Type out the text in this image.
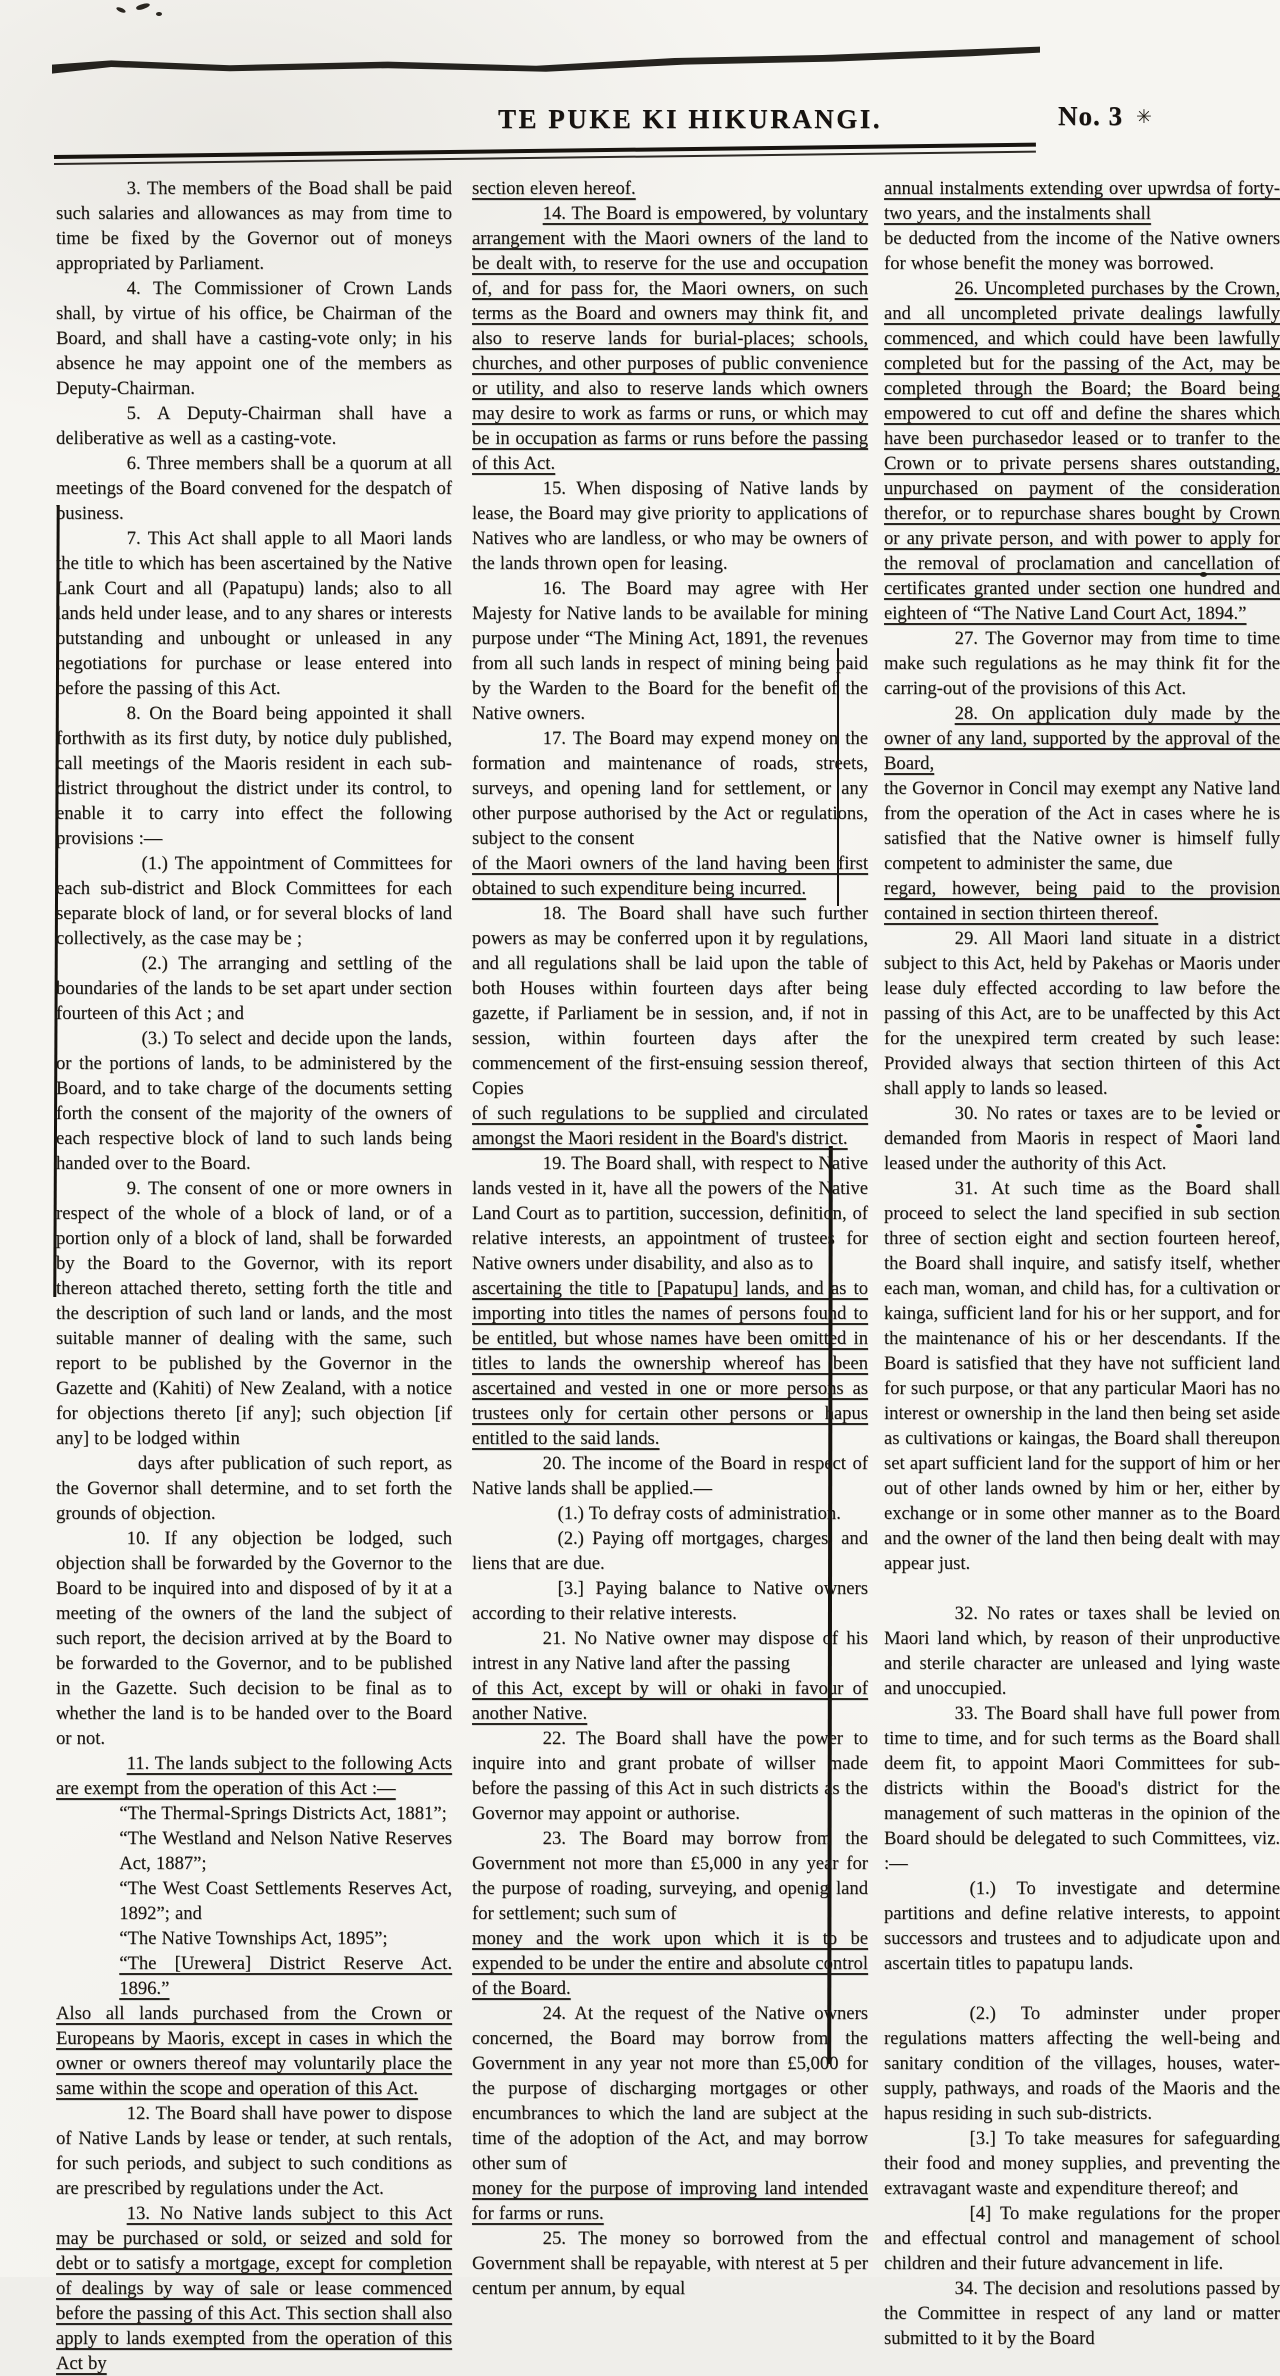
TE PUKE KI HIKURANGI.	No. 3 ✳

3. The members of the Boad shall be paid such salaries and allowances as may from time to time be fixed by the Governor out of moneys appropriated by Parliament.

4. The Commissioner of Crown Lands shall, by virtue of his office, be Chairman of the Board, and shall have a casting-vote only; in his absence he may appoint one of the members as Deputy-Chairman.

5. A Deputy-Chairman shall have a deliberative as well as a casting-vote.

6. Three members shall be a quorum at all meetings of the Board convened for the despatch of business.

7. This Act shall apple to all Maori lands the title to which has been ascertained by the Native Lank Court and all (Papatupu) lands; also to all lands held under lease, and to any shares or interests outstanding and unbought or unleased in any negotiations for purchase or lease entered into before the passing of this Act.

8. On the Board being appointed it shall forthwith as its first duty, by notice duly published, call meetings of the Maoris resident in each sub-district throughout the district under its control, to enable it to carry into effect the following provisions :—

(1.) The appointment of Committees for each sub-district and Block Committees for each separate block of land, or for several blocks of land collectively, as the case may be ;

(2.) The arranging and settling of the boundaries of the lands to be set apart under section fourteen of this Act ; and

(3.) To select and decide upon the lands, or the portions of lands, to be administered by the Board, and to take charge of the documents setting forth the consent of the majority of the owners of each respective block of land to such lands being handed over to the Board.

9. The consent of one or more owners in respect of the whole of a block of land, or of a portion only of a block of land, shall be forwarded by the Board to the Governor, with its report thereon attached thereto, setting forth the title and the description of such land or lands, and the most suitable manner of dealing with the same, such report to be published by the Governor in the Gazette and (Kahiti) of New Zealand, with a notice for objections thereto [if any]; such objection [if any] to be lodged within

days after publication of such report, as the Governor shall determine, and to set forth the grounds of objection.

10. If any objection be lodged, such objection shall be forwarded by the Governor to the Board to be inquired into and disposed of by it at a meeting of the owners of the land the subject of such report, the decision arrived at by the Board to be forwarded to the Governor, and to be published in the Gazette. Such decision to be final as to whether the land is to be handed over to the Board or not.

11. The lands subject to the following Acts are exempt from the operation of this Act :—

“The Thermal-Springs Districts Act, 1881”;

“The Westland and Nelson Native Reserves Act, 1887”;

“The West Coast Settlements Reserves Act, 1892”; and

“The Native Townships Act, 1895”;

“The [Urewera] District Reserve Act. 1896.”

Also all lands purchased from the Crown or Europeans by Maoris, except in cases in which the owner or owners thereof may voluntarily place the same within the scope and operation of this Act.

12. The Board shall have power to dispose of Native Lands by lease or tender, at such rentals, for such periods, and subject to such conditions as are prescribed by regulations under the Act.

13. No Native lands subject to this Act may be purchased or sold, or seized and sold for debt or to satisfy a mortgage, except for completion of dealings by way of sale or lease commenced before the passing of this Act. This section shall also apply to lands exempted from the operation of this Act by

section eleven hereof.

14. The Board is empowered, by voluntary arrangement with the Maori owners of the land to be dealt with, to reserve for the use and occupation of, and for pass for, the Maori owners, on such terms as the Board and owners may think fit, and also to reserve lands for burial-places; schools, churches, and other purposes of public convenience or utility, and also to reserve lands which owners may desire to work as farms or runs, or which may be in occupation as farms or runs before the passing of this Act.

15. When disposing of Native lands by lease, the Board may give priority to applications of Natives who are landless, or who may be owners of the lands thrown open for leasing.

16. The Board may agree with Her Majesty for Native lands to be available for mining purpose under “The Mining Act, 1891, the revenues from all such lands in respect of mining being paid by the Warden to the Board for the benefit of the Native owners.

17. The Board may expend money on the formation and maintenance of roads, streets, surveys, and opening land for settlement, or any other purpose authorised by the Act or regulations, subject to the consent

of the Maori owners of the land having been first obtained to such expenditure being incurred.

18. The Board shall have such further powers as may be conferred upon it by regulations, and all regulations shall be laid upon the table of both Houses within fourteen days after being gazette, if Parliament be in session, and, if not in session, within fourteen days after the commencement of the first-ensuing session thereof, Copies

of such regulations to be supplied and circulated amongst the Maori resident in the Board's district.

19. The Board shall, with respect to Native lands vested in it, have all the powers of the Native Land Court as to partition, succession, definition, of relative interests, an appointment of trustees for Native owners under disability, and also as to

ascertaining the title to [Papatupu] lands, and as to importing into titles the names of persons found to be entitled, but whose names have been omitted in titles to lands the ownership whereof has been ascertained and vested in one or more persons as trustees only for certain other persons or hapus entitled to the said lands.

20. The income of the Board in respect of Native lands shall be applied.—

(1.) To defray costs of administration.

(2.) Paying off mortgages, charges, and liens that are due.

[3.] Paying balance to Native owners according to their relative interests.

21. No Native owner may dispose of his intrest in any Native land after the passing

of this Act, except by will or ohaki in favour of another Native.

22. The Board shall have the power to inquire into and grant probate of willser made before the passing of this Act in such districts as the Governor may appoint or authorise.

23. The Board may borrow from the Government not more than £5,000 in any year for the purpose of roading, surveying, and openig land for settlement; such sum of

money and the work upon which it is to be expended to be under the entire and absolute control of the Board.

24. At the request of the Native owners concerned, the Board may borrow from the Government in any year not more than £5,000 for the purpose of discharging mortgages or other encumbrances to which the land are subject at the time of the adoption of the Act, and may borrow other sum of

money for the purpose of improving land intended for farms or runs.

25. The money so borrowed from the Government shall be repayable, with nterest at 5 per centum per annum, by equal

annual instalments extending over upwrdsa of forty-two years, and the instalments shall

be deducted from the income of the Native owners for whose benefit the money was borrowed.

26. Uncompleted purchases by the Crown, and all uncompleted private dealings lawfully commenced, and which could have been lawfully completed but for the passing of the Act, may be completed through the Board; the Board being empowered to cut off and define the shares which have been purchasedor leased or to tranfer to the Crown or to private persens shares outstanding, unpurchased on payment of the consideration therefor, or to repurchase shares bought by Crown or any private person, and with power to apply for the removal of proclamation and cancellation of certificates granted under section one hundred and eighteen of “The Native Land Court Act, 1894.”

27. The Governor may from time to time make such regulations as he may think fit for the carring-out of the provisions of this Act.

28. On application duly made by the owner of any land, supported by the approval of the Board,

the Governor in Concil may exempt any Native land from the operation of the Act in cases where he is satisfied that the Native owner is himself fully competent to administer the same, due

regard, however, being paid to the provision contained in section thirteen thereof.

29. All Maori land situate in a district subject to this Act, held by Pakehas or Maoris under lease duly effected according to law before the passing of this Act, are to be unaffected by this Act for the unexpired term created by such lease: Provided always that section thirteen of this Act shall apply to lands so leased.

30. No rates or taxes are to be levied or demanded from Maoris in respect of Maori land leased under the authority of this Act.

31. At such time as the Board shall proceed to select the land specified in sub section three of section eight and section fourteen hereof, the Board shall inquire, and satisfy itself, whether each man, woman, and child has, for a cultivation or kainga, sufficient land for his or her support, and for the maintenance of his or her descendants. If the Board is satisfied that they have not sufficient land for such purpose, or that any particular Maori has no interest or ownership in the land then being set aside as cultivations or kaingas, the Board shall thereupon set apart sufficient land for the support of him or her out of other lands owned by him or her, either by exchange or in some other manner as to the Board and the owner of the land then being dealt with may appear just.

32. No rates or taxes shall be levied on Maori land which, by reason of their unproductive and sterile character are unleased and lying waste and unoccupied.

33. The Board shall have full power from time to time, and for such terms as the Board shall deem fit, to appoint Maori Committees for sub-districts within the Booad's district for the management of such matteras in the opinion of the Board should be delegated to such Committees, viz. :—

(1.) To investigate and determine partitions and define relative interests, to appoint successors and trustees and to adjudicate upon and ascertain titles to papatupu lands.

(2.) To adminster under proper regulations matters affecting the well-being and sanitary condition of the villages, houses, water-supply, pathways, and roads of the Maoris and the hapus residing in such sub-districts.

[3.] To take measures for safeguarding their food and money supplies, and preventing the extravagant waste and expenditure thereof; and

[4] To make regulations for the proper and effectual control and management of school children and their future advancement in life.

34. The decision and resolutions passed by the Committee in respect of any land or matter submitted to it by the Board
